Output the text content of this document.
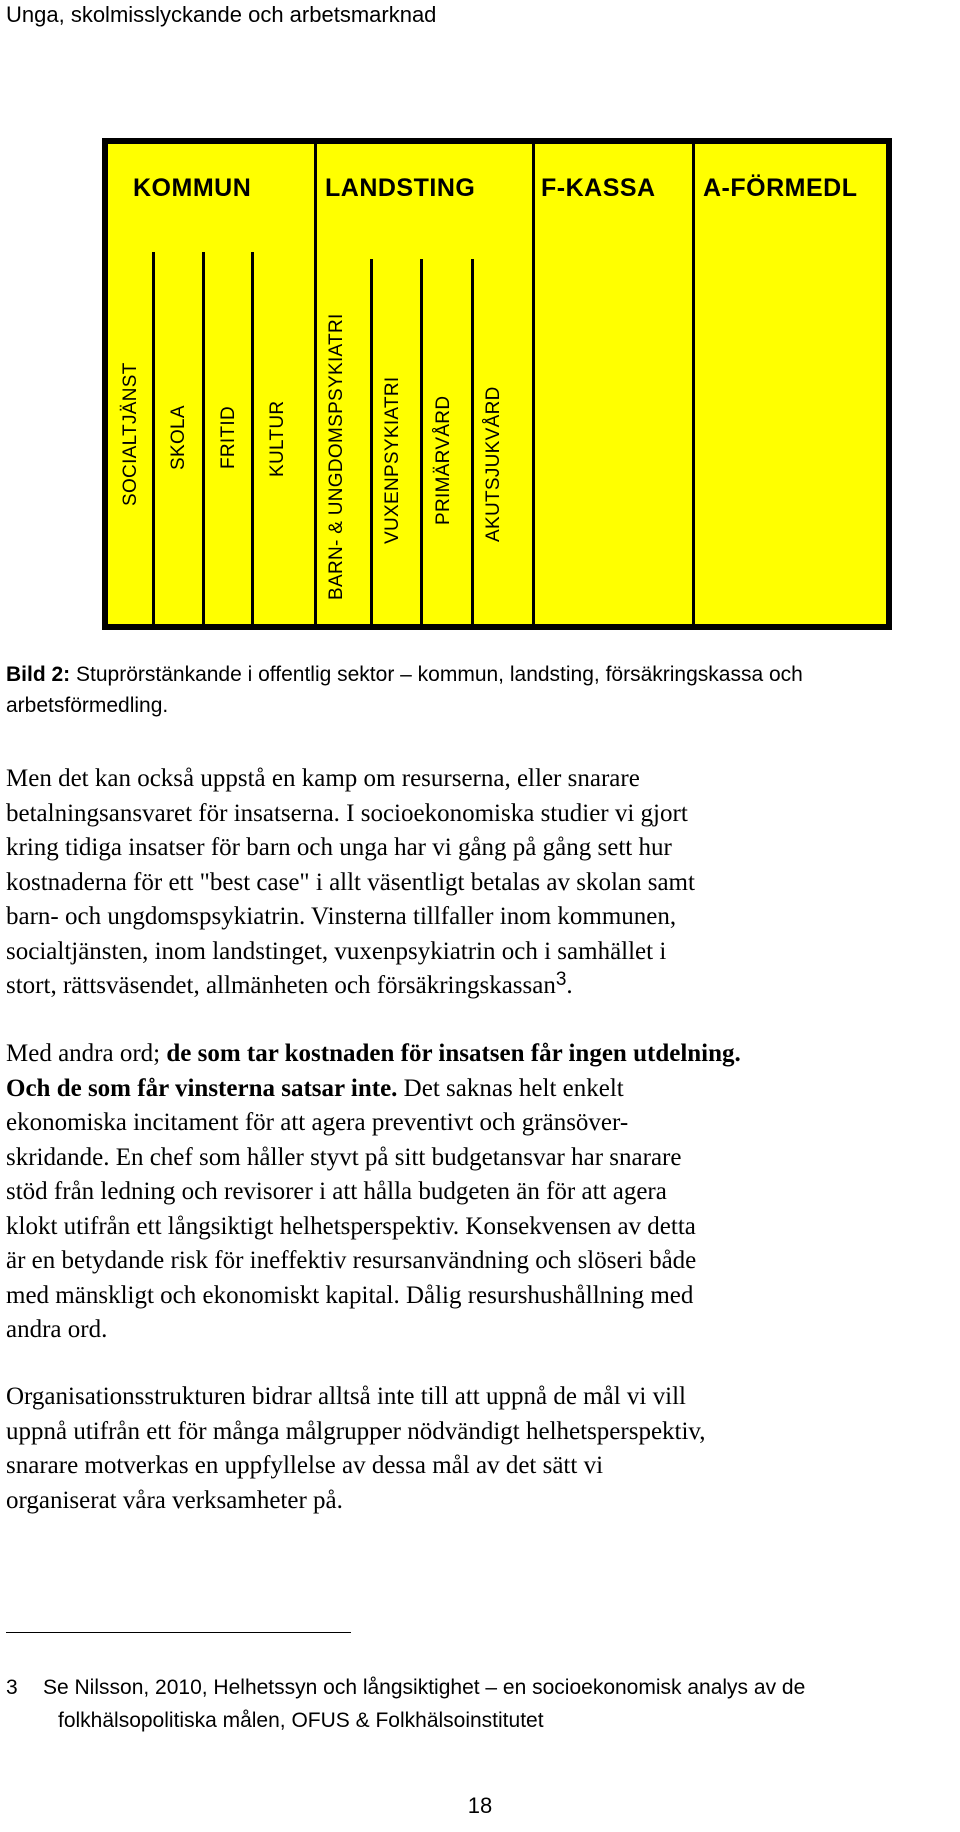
Unga, skolmisslyckande och arbetsmarknad
KOMMUN	LANDSTING	F-KASSA A-FÖRMEDL
SOCIALTJÄNST SKOLA FRITID KULTUR BARN- & UNGDOMSPSYKIATRI VUXENPSYKIATRI PRIMÄRVÅRD AKUTSJUKVÅRD
Bild 2: Stuprörstänkande i offentlig sektor – kommun, landsting, försäkringskassa och
arbetsförmedling.
Men det kan också uppstå en kamp om resurserna, eller snarare
betalningsansvaret för insatserna. I socioekonomiska studier vi gjort
kring tidiga insatser för barn och unga har vi gång på gång sett hur
kostnaderna för ett "best case" i allt väsentligt betalas av skolan samt
barn- och ungdomspsykiatrin. Vinsterna tillfaller inom kommunen,
socialtjänsten, inom landstinget, vuxenpsykiatrin och i samhället i
stort, rättsväsendet, allmänheten och försäkringskassan$^3$.
Med andra ord; de som tar kostnaden för insatsen får ingen utdelning.
Och de som får vinsterna satsar inte. Det saknas helt enkelt
ekonomiska incitament för att agera preventivt och gränsöver-
skridande. En chef som håller styvt på sitt budgetansvar har snarare
stöd från ledning och revisorer i att hålla budgeten än för att agera
klokt utifrån ett långsiktigt helhetsperspektiv. Konsekvensen av detta
är en betydande risk för ineffektiv resursanvändning och slöseri både
med mänskligt och ekonomiskt kapital. Dålig resurshushållning med
andra ord.
Organisationsstrukturen bidrar alltså inte till att uppnå de mål vi vill
uppnå utifrån ett för många målgrupper nödvändigt helhetsperspektiv,
snarare motverkas en uppfyllelse av dessa mål av det sätt vi
organiserat våra verksamheter på.
3 Se Nilsson, 2010, Helhetssyn och långsiktighet – en socioekonomisk analys av de
folkhälsopolitiska målen, OFUS & Folkhälsoinstitutet
18
